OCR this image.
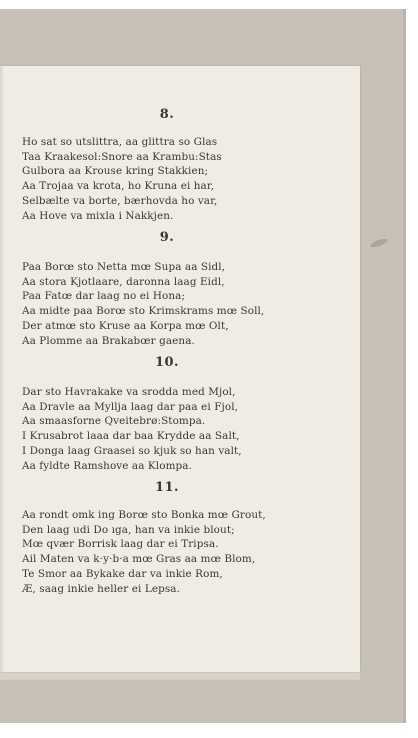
8.
Ho sat so utslittra, aa glittra so Glas
Taa Kraakesol:Snore aa Krambu:Stas
Gulbora aa Krouse kring Stakkien;
Aa Trojaa va krota, ho Kruna ei har,
Selbælte va borte, bærhovda ho var,
Aa Hove va mixla i Nakkjen.
9.
Paa Borœ sto Netta mœ Supa aa Sidl,
Aa stora Kjotlaare, daronna laag Eidl,
Paa Fatœ dar laag no ei Hona;
Aa midte paa Borœ sto Krimskrams mœ Soll,
Der atmœ sto Kruse aa Korpa mœ Olt,
Aa Plomme aa Brakabœr gaena.
10.
Dar sto Havrakake va srodda med Mjol,
Aa Dravle aa Myllja laag dar paa ei Fjol,
Aa smaasforne Qveitebrø:Stompa.
I Krusabrot laaa dar baa Krydde aa Salt,
I Donga laag Graasei so kjuk so han valt,
Aa fyldte Ramshove aa Klompa.
11.
Aa rondt omk ing Borœ sto Bonka mœ Grout,
Den laag udi Do ıga, han va inkie blout;
Mœ qvær Borrisk laag dar ei Tripsa.
Ail Maten va k·y·b·a mœ Gras aa mœ Blom,
Te Smor aa Bykake dar va inkie Rom,
Æ, saag inkie heller ei Lepsa.
